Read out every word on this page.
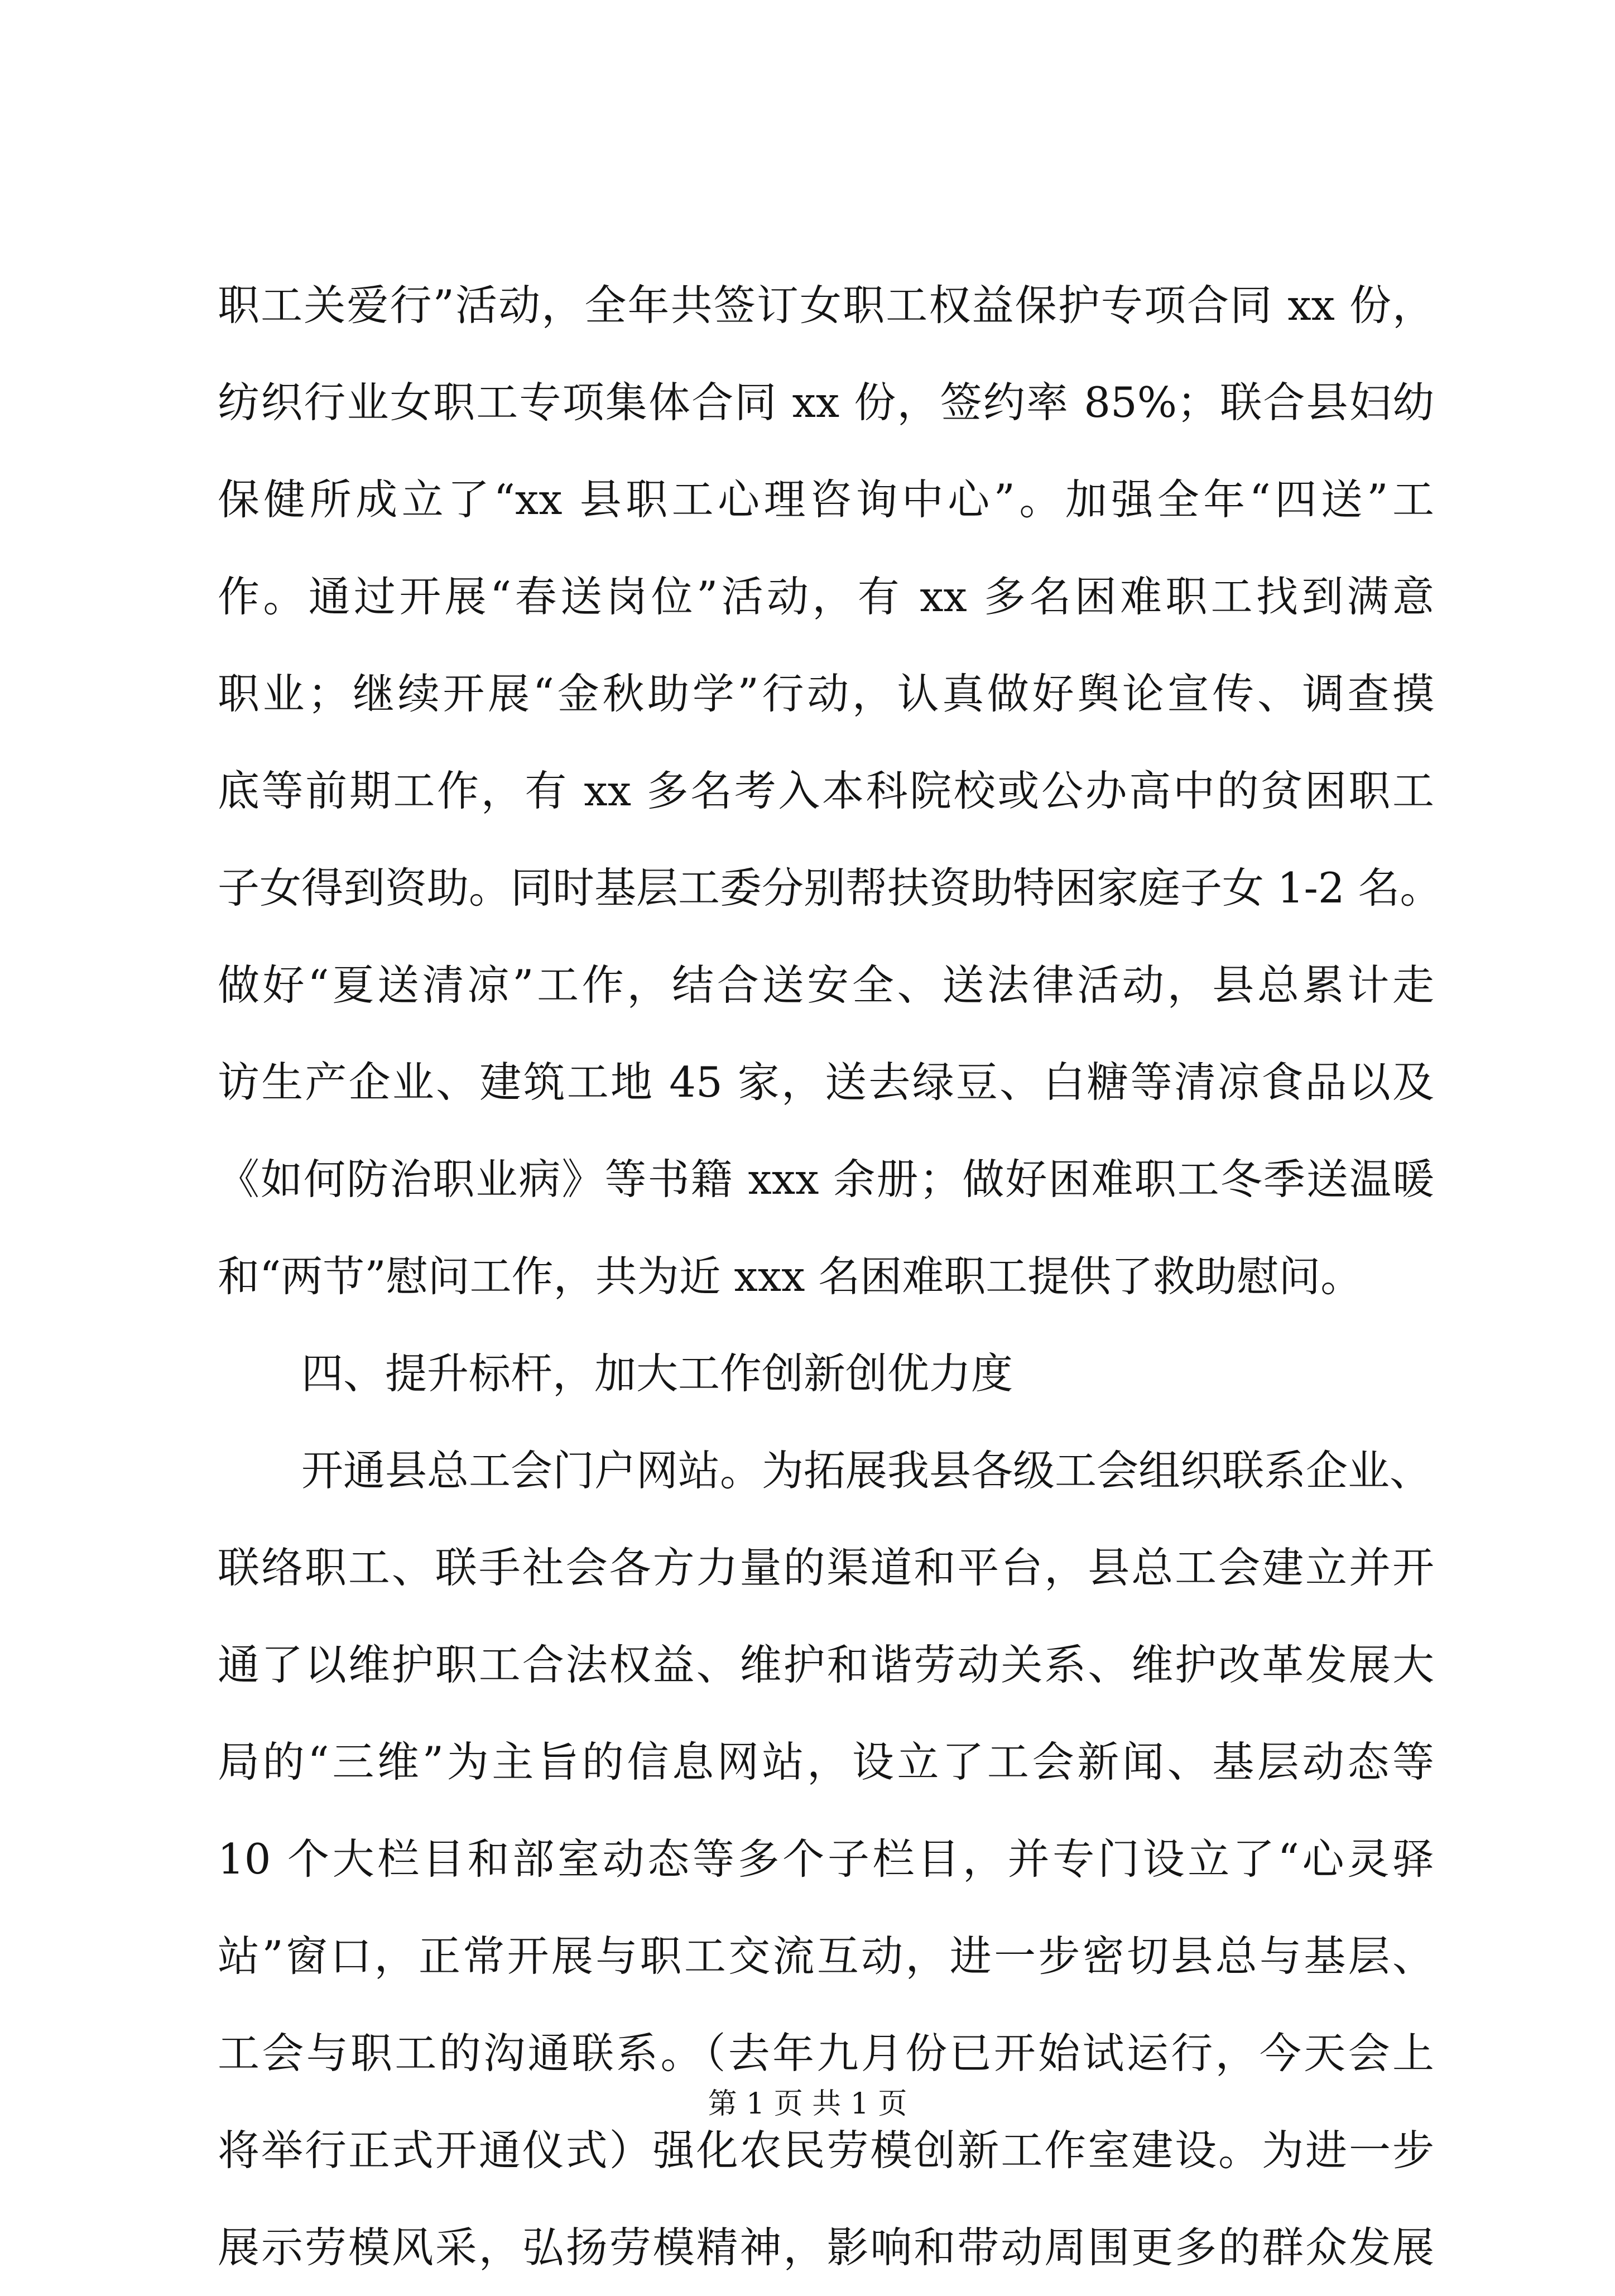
职工关爱行”活动，全年共签订女职工权益保护专项合同 xx 份，
纺织行业女职工专项集体合同 xx 份，签约率 85%；联合县妇幼
保健所成立了“xx 县职工心理咨询中心”。加强全年“四送”工
作。通过开展“春送岗位”活动，有 xx 多名困难职工找到满意
职业；继续开展“金秋助学”行动，认真做好舆论宣传、调查摸
底等前期工作，有 xx 多名考入本科院校或公办高中的贫困职工
子女得到资助。同时基层工委分别帮扶资助特困家庭子女 1-2 名。
做好“夏送清凉”工作，结合送安全、送法律活动，县总累计走
访生产企业、建筑工地 45 家，送去绿豆、白糖等清凉食品以及
《如何防治职业病》等书籍 xxx 余册；做好困难职工冬季送温暖
和“两节”慰问工作，共为近 xxx 名困难职工提供了救助慰问。
四、提升标杆，加大工作创新创优力度
开通县总工会门户网站。为拓展我县各级工会组织联系企业、
联络职工、联手社会各方力量的渠道和平台，县总工会建立并开
通了以维护职工合法权益、维护和谐劳动关系、维护改革发展大
局的“三维”为主旨的信息网站，设立了工会新闻、基层动态等
10 个大栏目和部室动态等多个子栏目，并专门设立了“心灵驿
站”窗口，正常开展与职工交流互动，进一步密切县总与基层、
工会与职工的沟通联系。（去年九月份已开始试运行，今天会上
将举行正式开通仪式）强化农民劳模创新工作室建设。为进一步
展示劳模风采，弘扬劳模精神，影响和带动周围更多的群众发展
第 1 页 共 1 页
